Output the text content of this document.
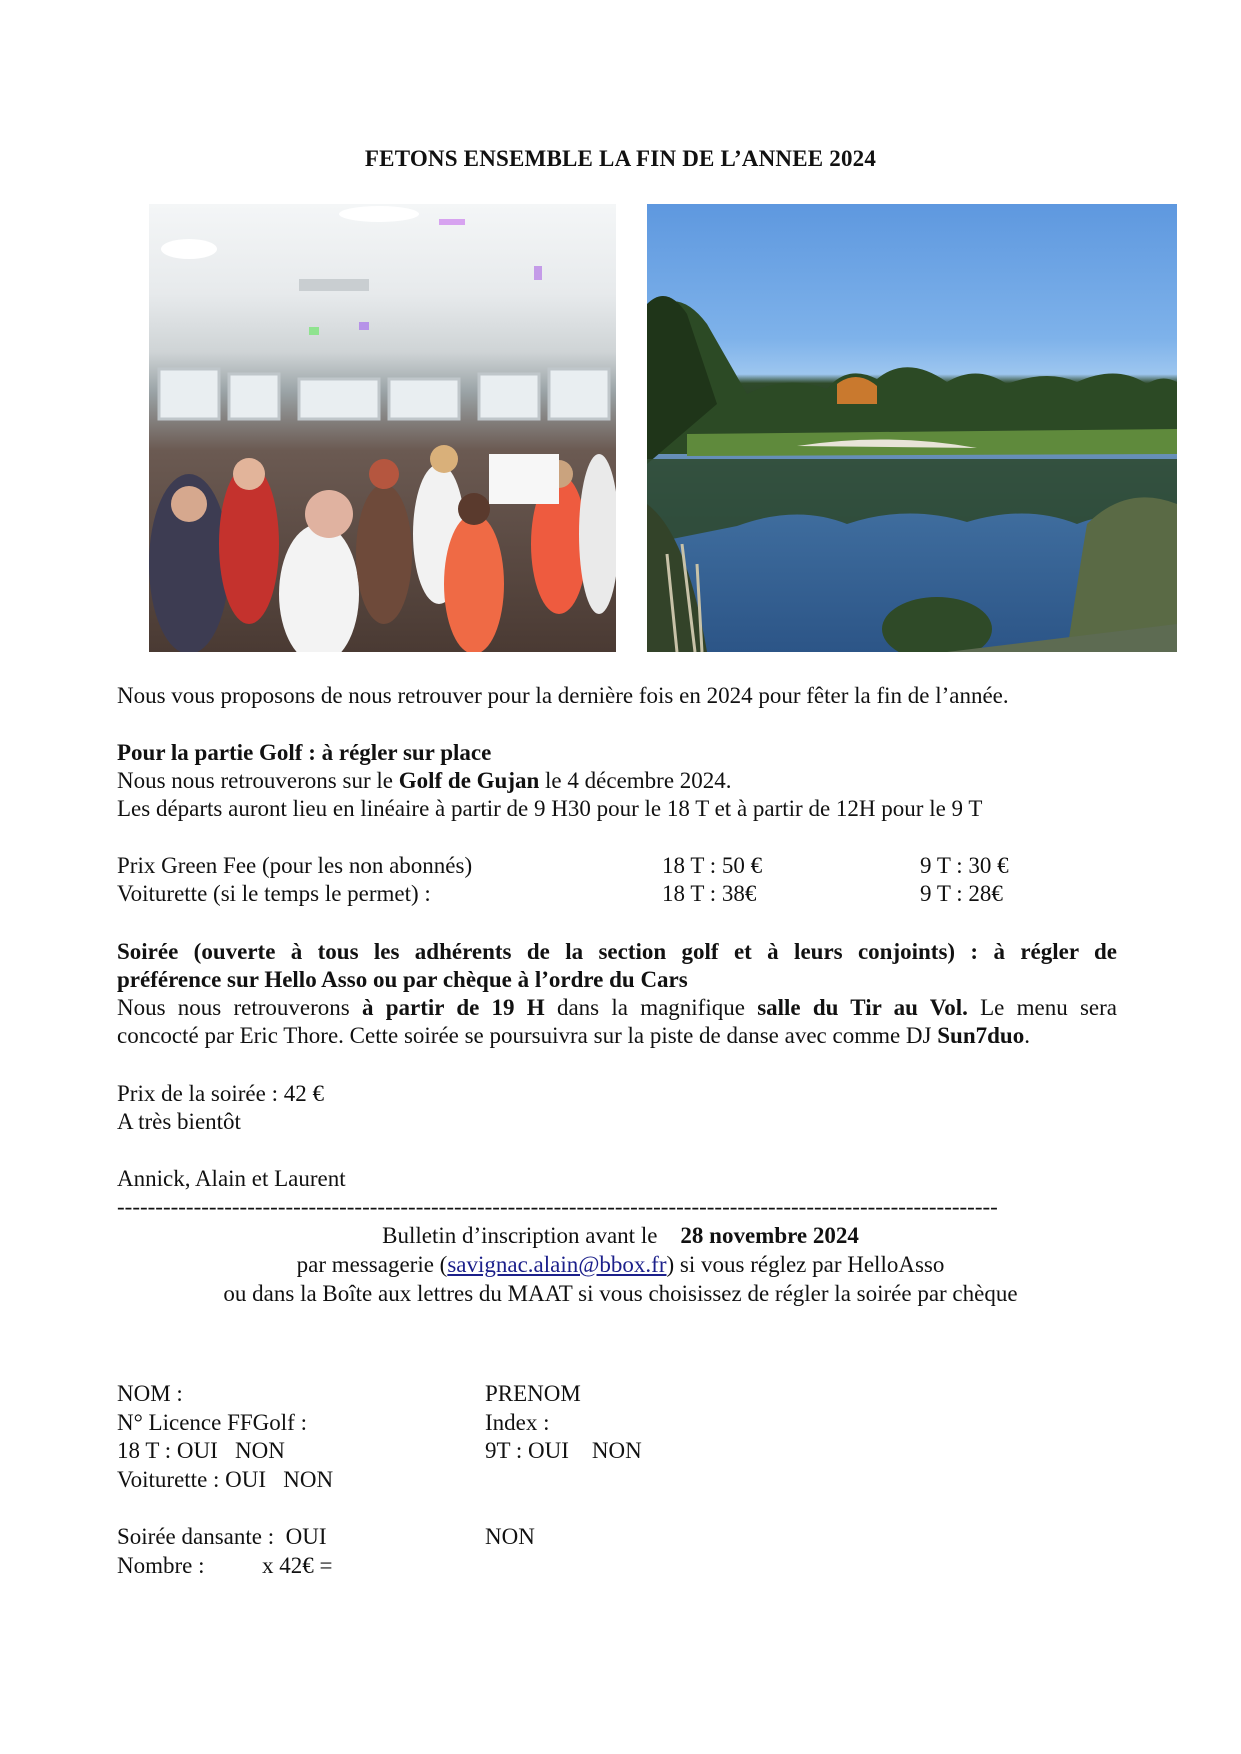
FETONS ENSEMBLE LA FIN DE L’ANNEE 2024
Nous vous proposons de nous retrouver pour la dernière fois en 2024 pour fêter la fin de l’année.
Pour la partie Golf : à régler sur place
Nous nous retrouverons sur le Golf de Gujan le 4 décembre 2024.
Les départs auront lieu en linéaire à partir de 9 H30 pour le 18 T et à partir de 12H pour le 9 T
Prix Green Fee (pour les non abonnés)	18 T : 50 €	9 T : 30 €
Voiturette (si le temps le permet) :	18 T : 38€	9 T : 28€
Soirée (ouverte à tous les adhérents de la section golf et à leurs conjoints) : à régler de
préférence sur Hello Asso ou par chèque à l’ordre du Cars
Nous nous retrouverons à partir de 19 H dans la magnifique salle du Tir au Vol. Le menu sera
concocté par Eric Thore. Cette soirée se poursuivra sur la piste de danse avec comme DJ Sun7duo.
Prix de la soirée : 42 €
A très bientôt
Annick, Alain et Laurent
-------------------------------------------------------------------------------------------------------------------
Bulletin d’inscription avant le    28 novembre 2024
par messagerie (savignac.alain@bbox.fr) si vous réglez par HelloAsso
ou dans la Boîte aux lettres du MAAT si vous choisissez de régler la soirée par chèque
NOM :	PRENOM
N° Licence FFGolf :	Index :
18 T : OUI   NON	9T : OUI    NON
Voiturette : OUI   NON
Soirée dansante :  OUI	NON
Nombre :          x 42€ =
